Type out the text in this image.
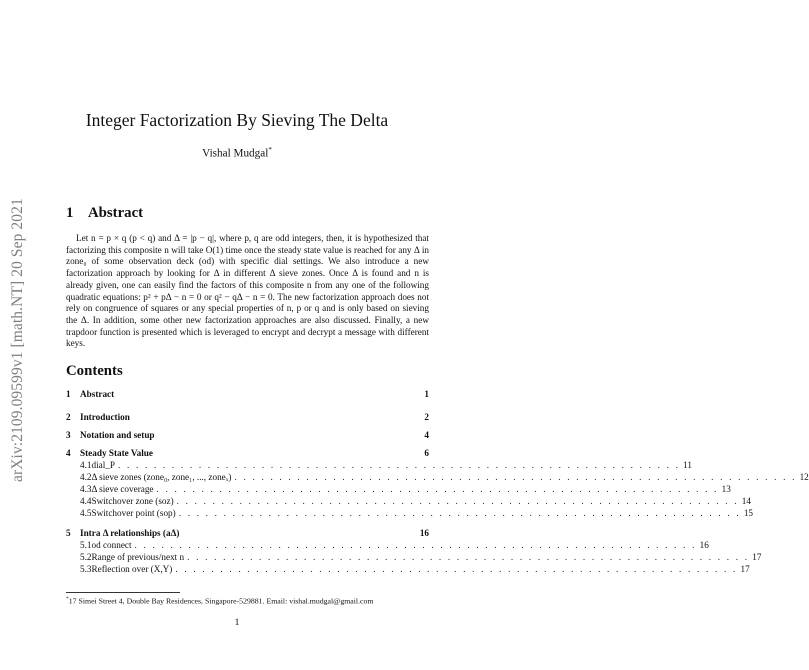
arXiv:2109.09599v1 [math.NT] 20 Sep 2021
Integer Factorization By Sieving The Delta
Vishal Mudgal*
1 Abstract
Let n = p × q (p < q) and Δ = |p − q|, where p, q are odd integers, then, it is hypothesized that factorizing this composite n will take O(1) time once the steady state value is reached for any Δ in zone₀ of some observation deck (od) with specific dial settings. We also introduce a new factorization approach by looking for Δ in different Δ sieve zones. Once Δ is found and n is already given, one can easily find the factors of this composite n from any one of the following quadratic equations: p² + pΔ − n = 0 or q² − qΔ − n = 0. The new factorization approach does not rely on congruence of squares or any special properties of n, p or q and is only based on sieving the Δ. In addition, some other new factorization approaches are also discussed. Finally, a new trapdoor function is presented which is leveraged to encrypt and decrypt a message with different keys.
Contents
1	Abstract	1
2	Introduction	2
3	Notation and setup	4
4	Steady State Value	6
4.1 dial_P . . . . . . . . . . . . . . . . . . . . . . . . . . . . . . . . . . . . . . . . . . . . . . . . . . . . . . . . . . . . . . . 11
4.2 Δ sieve zones (zone₀, zone₁, ..., zoneₓ) . . . . . . . . . . . . . . . . . . . . . . . . . . . . . . . . . . . . . . . . . . . . . . . . . . . . . . . . . . . . . . . 12
4.3 Δ sieve coverage . . . . . . . . . . . . . . . . . . . . . . . . . . . . . . . . . . . . . . . . . . . . . . . . . . . . . . . . . . . . . . . 13
4.4 Switchover zone (soz) . . . . . . . . . . . . . . . . . . . . . . . . . . . . . . . . . . . . . . . . . . . . . . . . . . . . . . . . . . . . . . . 14
4.5 Switchover point (sop) . . . . . . . . . . . . . . . . . . . . . . . . . . . . . . . . . . . . . . . . . . . . . . . . . . . . . . . . . . . . . . . 15
5	Intra Δ relationships (aΔ)	16
5.1 od connect . . . . . . . . . . . . . . . . . . . . . . . . . . . . . . . . . . . . . . . . . . . . . . . . . . . . . . . . . . . . . . . 16
5.2 Range of previous/next n . . . . . . . . . . . . . . . . . . . . . . . . . . . . . . . . . . . . . . . . . . . . . . . . . . . . . . . . . . . . . . . 17
5.3 Reflection over (X,Y) . . . . . . . . . . . . . . . . . . . . . . . . . . . . . . . . . . . . . . . . . . . . . . . . . . . . . . . . . . . . . . . 17
*17 Simei Street 4, Double Bay Residences, Singapore-529881. Email: vishal.mudgal@gmail.com
1
